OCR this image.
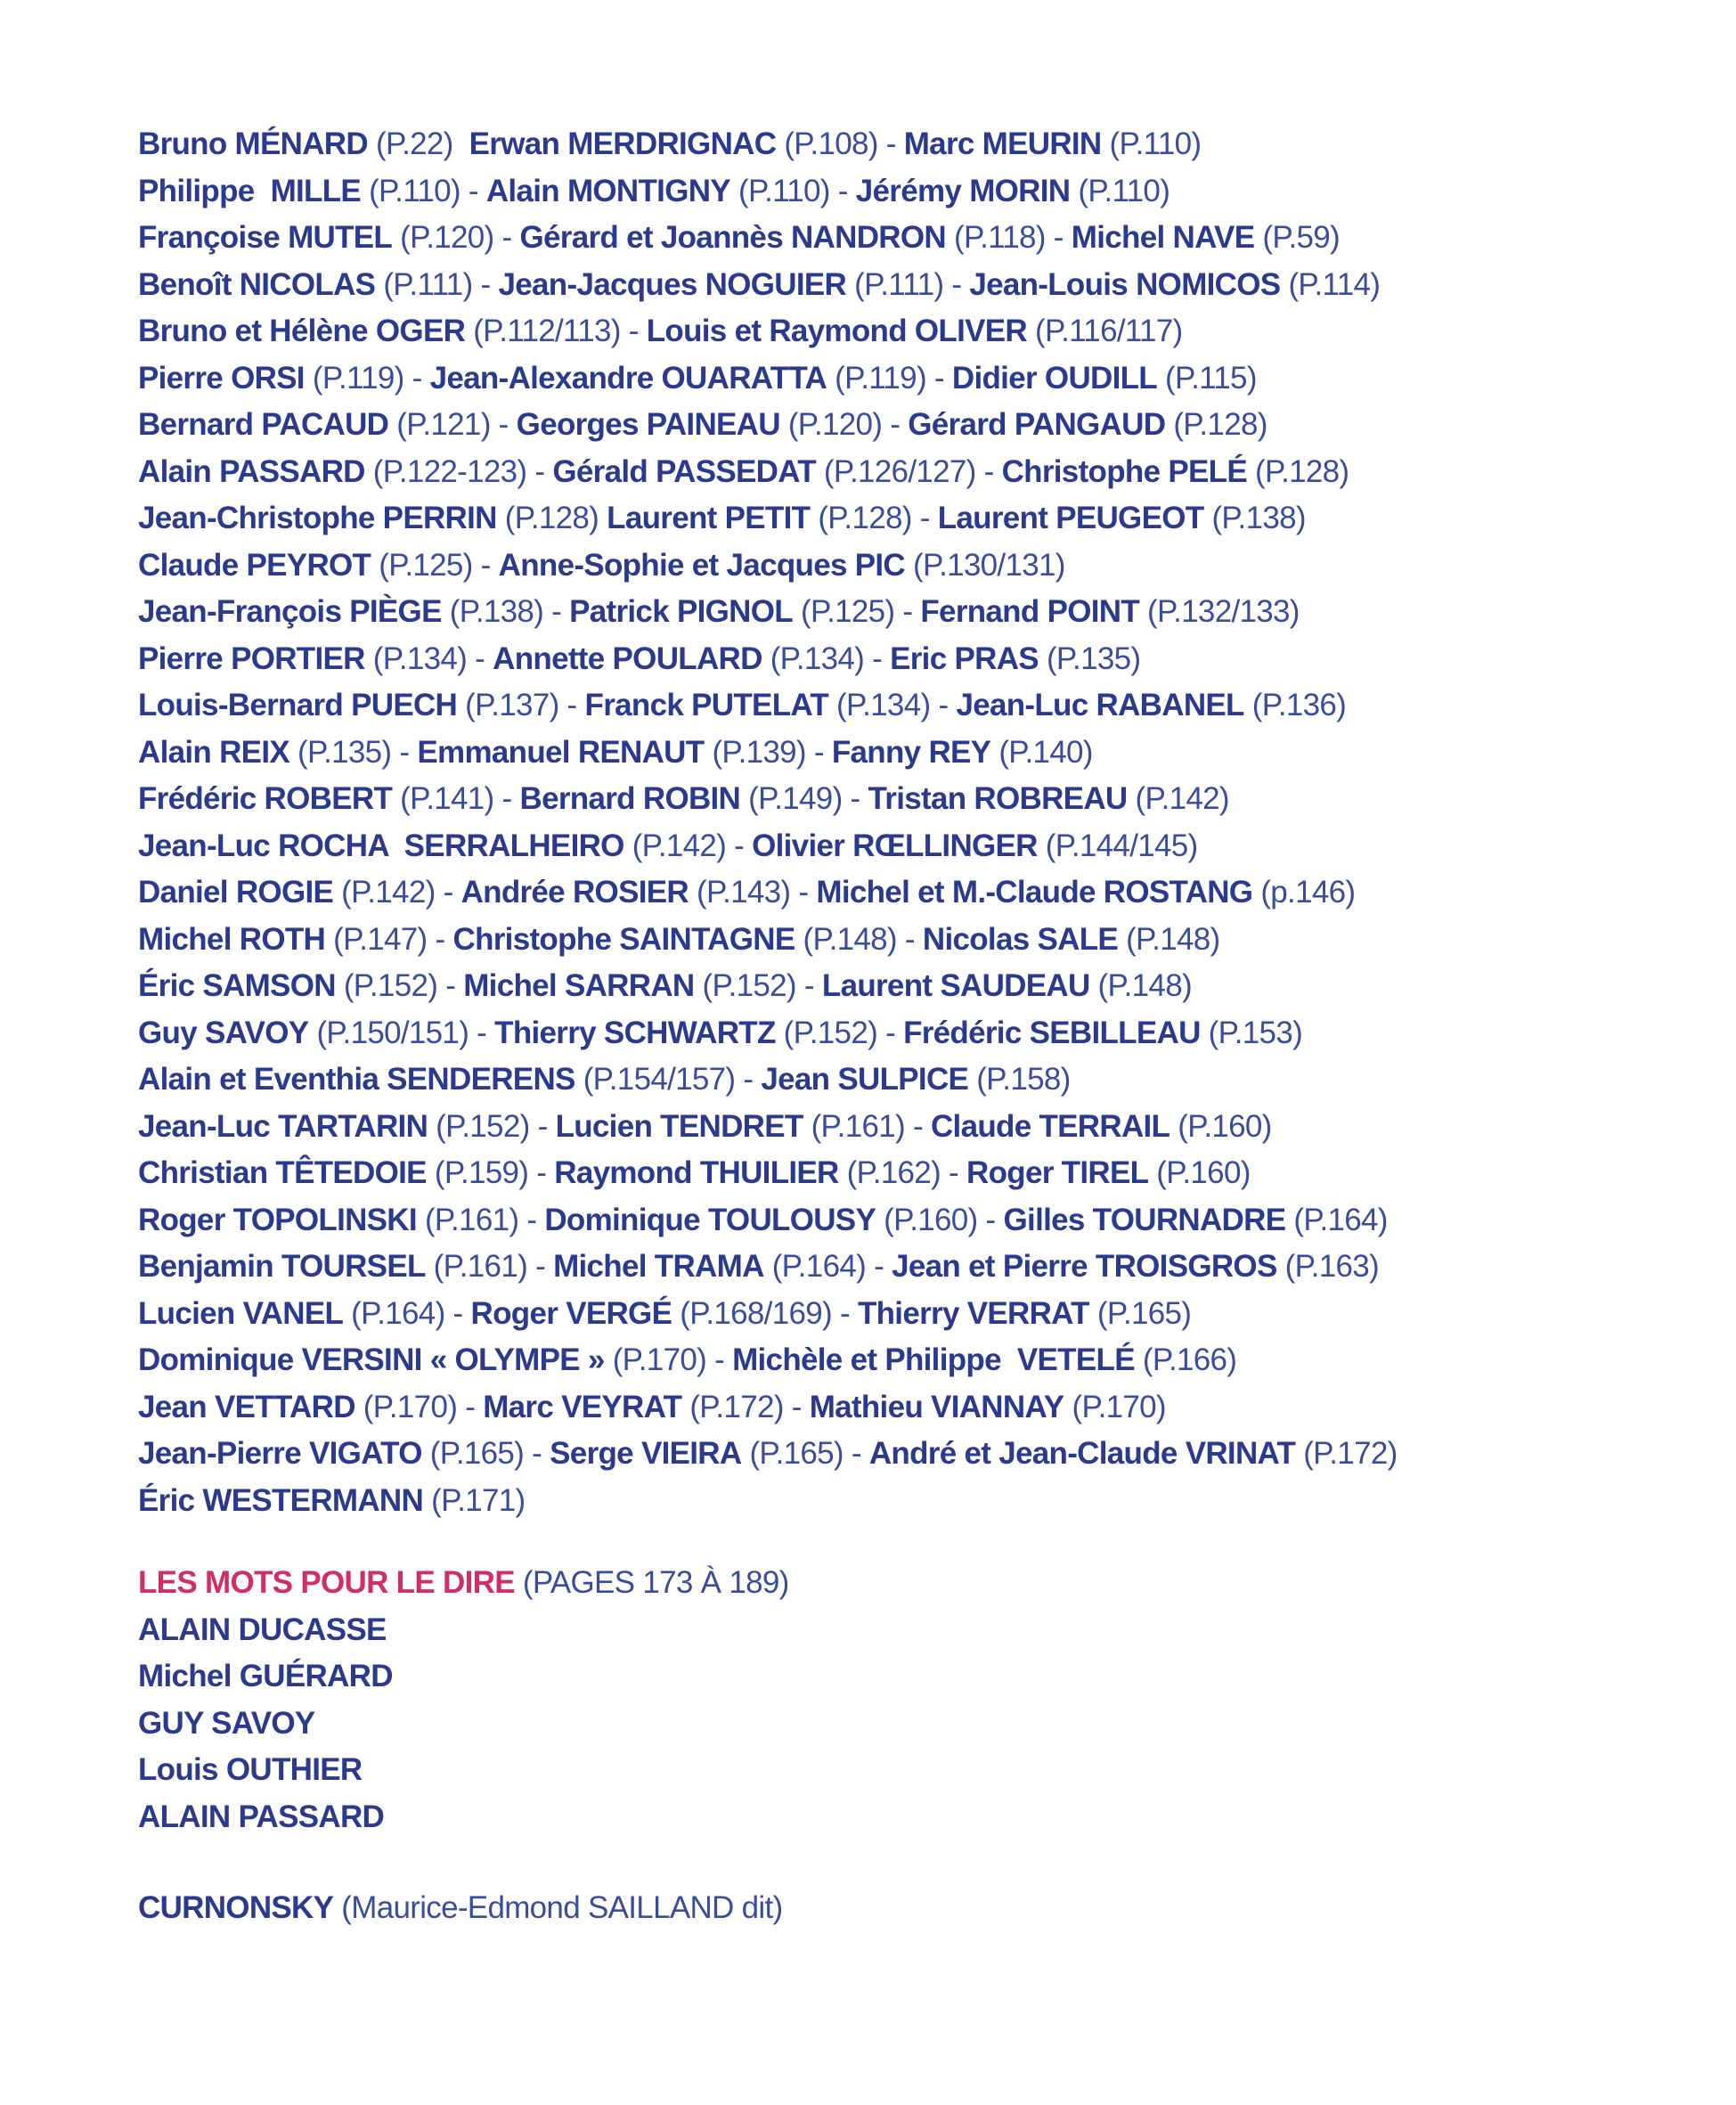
Bruno MÉNARD (P.22)  Erwan MERDRIGNAC (P.108) - Marc MEURIN (P.110)

Philippe  MILLE (P.110) - Alain MONTIGNY (P.110) - Jérémy MORIN (P.110)

Françoise MUTEL (P.120) - Gérard et Joannès NANDRON (P.118) - Michel NAVE (P.59)

Benoît NICOLAS (P.111) - Jean-Jacques NOGUIER (P.111) - Jean-Louis NOMICOS (P.114)

Bruno et Hélène OGER (P.112/113) - Louis et Raymond OLIVER (P.116/117)

Pierre ORSI (P.119) - Jean-Alexandre OUARATTA (P.119) - Didier OUDILL (P.115)

Bernard PACAUD (P.121) - Georges PAINEAU (P.120) - Gérard PANGAUD (P.128)

Alain PASSARD (P.122-123) - Gérald PASSEDAT (P.126/127) - Christophe PELÉ (P.128)

Jean-Christophe PERRIN (P.128) Laurent PETIT (P.128) - Laurent PEUGEOT (P.138)

Claude PEYROT (P.125) - Anne-Sophie et Jacques PIC (P.130/131)

Jean-François PIÈGE (P.138) - Patrick PIGNOL (P.125) - Fernand POINT (P.132/133)

Pierre PORTIER (P.134) - Annette POULARD (P.134) - Eric PRAS (P.135)

Louis-Bernard PUECH (P.137) - Franck PUTELAT (P.134) - Jean-Luc RABANEL (P.136)

Alain REIX (P.135) - Emmanuel RENAUT (P.139) - Fanny REY (P.140)

Frédéric ROBERT (P.141) - Bernard ROBIN (P.149) - Tristan ROBREAU (P.142)

Jean-Luc ROCHA  SERRALHEIRO (P.142) - Olivier RŒLLINGER (P.144/145)

Daniel ROGIE (P.142) - Andrée ROSIER (P.143) - Michel et M.-Claude ROSTANG (p.146)

Michel ROTH (P.147) - Christophe SAINTAGNE (P.148) - Nicolas SALE (P.148)

Éric SAMSON (P.152) - Michel SARRAN (P.152) - Laurent SAUDEAU (P.148)

Guy SAVOY (P.150/151) - Thierry SCHWARTZ (P.152) - Frédéric SEBILLEAU (P.153)

Alain et Eventhia SENDERENS (P.154/157) - Jean SULPICE (P.158)

Jean-Luc TARTARIN (P.152) - Lucien TENDRET (P.161) - Claude TERRAIL (P.160)

Christian TÊTEDOIE (P.159) - Raymond THUILIER (P.162) - Roger TIREL (P.160)

Roger TOPOLINSKI (P.161) - Dominique TOULOUSY (P.160) - Gilles TOURNADRE (P.164)

Benjamin TOURSEL (P.161) - Michel TRAMA (P.164) - Jean et Pierre TROISGROS (P.163)

Lucien VANEL (P.164) - Roger VERGÉ (P.168/169) - Thierry VERRAT (P.165)

Dominique VERSINI « OLYMPE » (P.170) - Michèle et Philippe  VETELÉ (P.166)

Jean VETTARD (P.170) - Marc VEYRAT (P.172) - Mathieu VIANNAY (P.170)

Jean-Pierre VIGATO (P.165) - Serge VIEIRA (P.165) - André et Jean-Claude VRINAT (P.172)

Éric WESTERMANN (P.171)

LES MOTS POUR LE DIRE (PAGES 173 À 189)

ALAIN DUCASSE

Michel GUÉRARD

GUY SAVOY

Louis OUTHIER

ALAIN PASSARD

CURNONSKY (Maurice-Edmond SAILLAND dit)
